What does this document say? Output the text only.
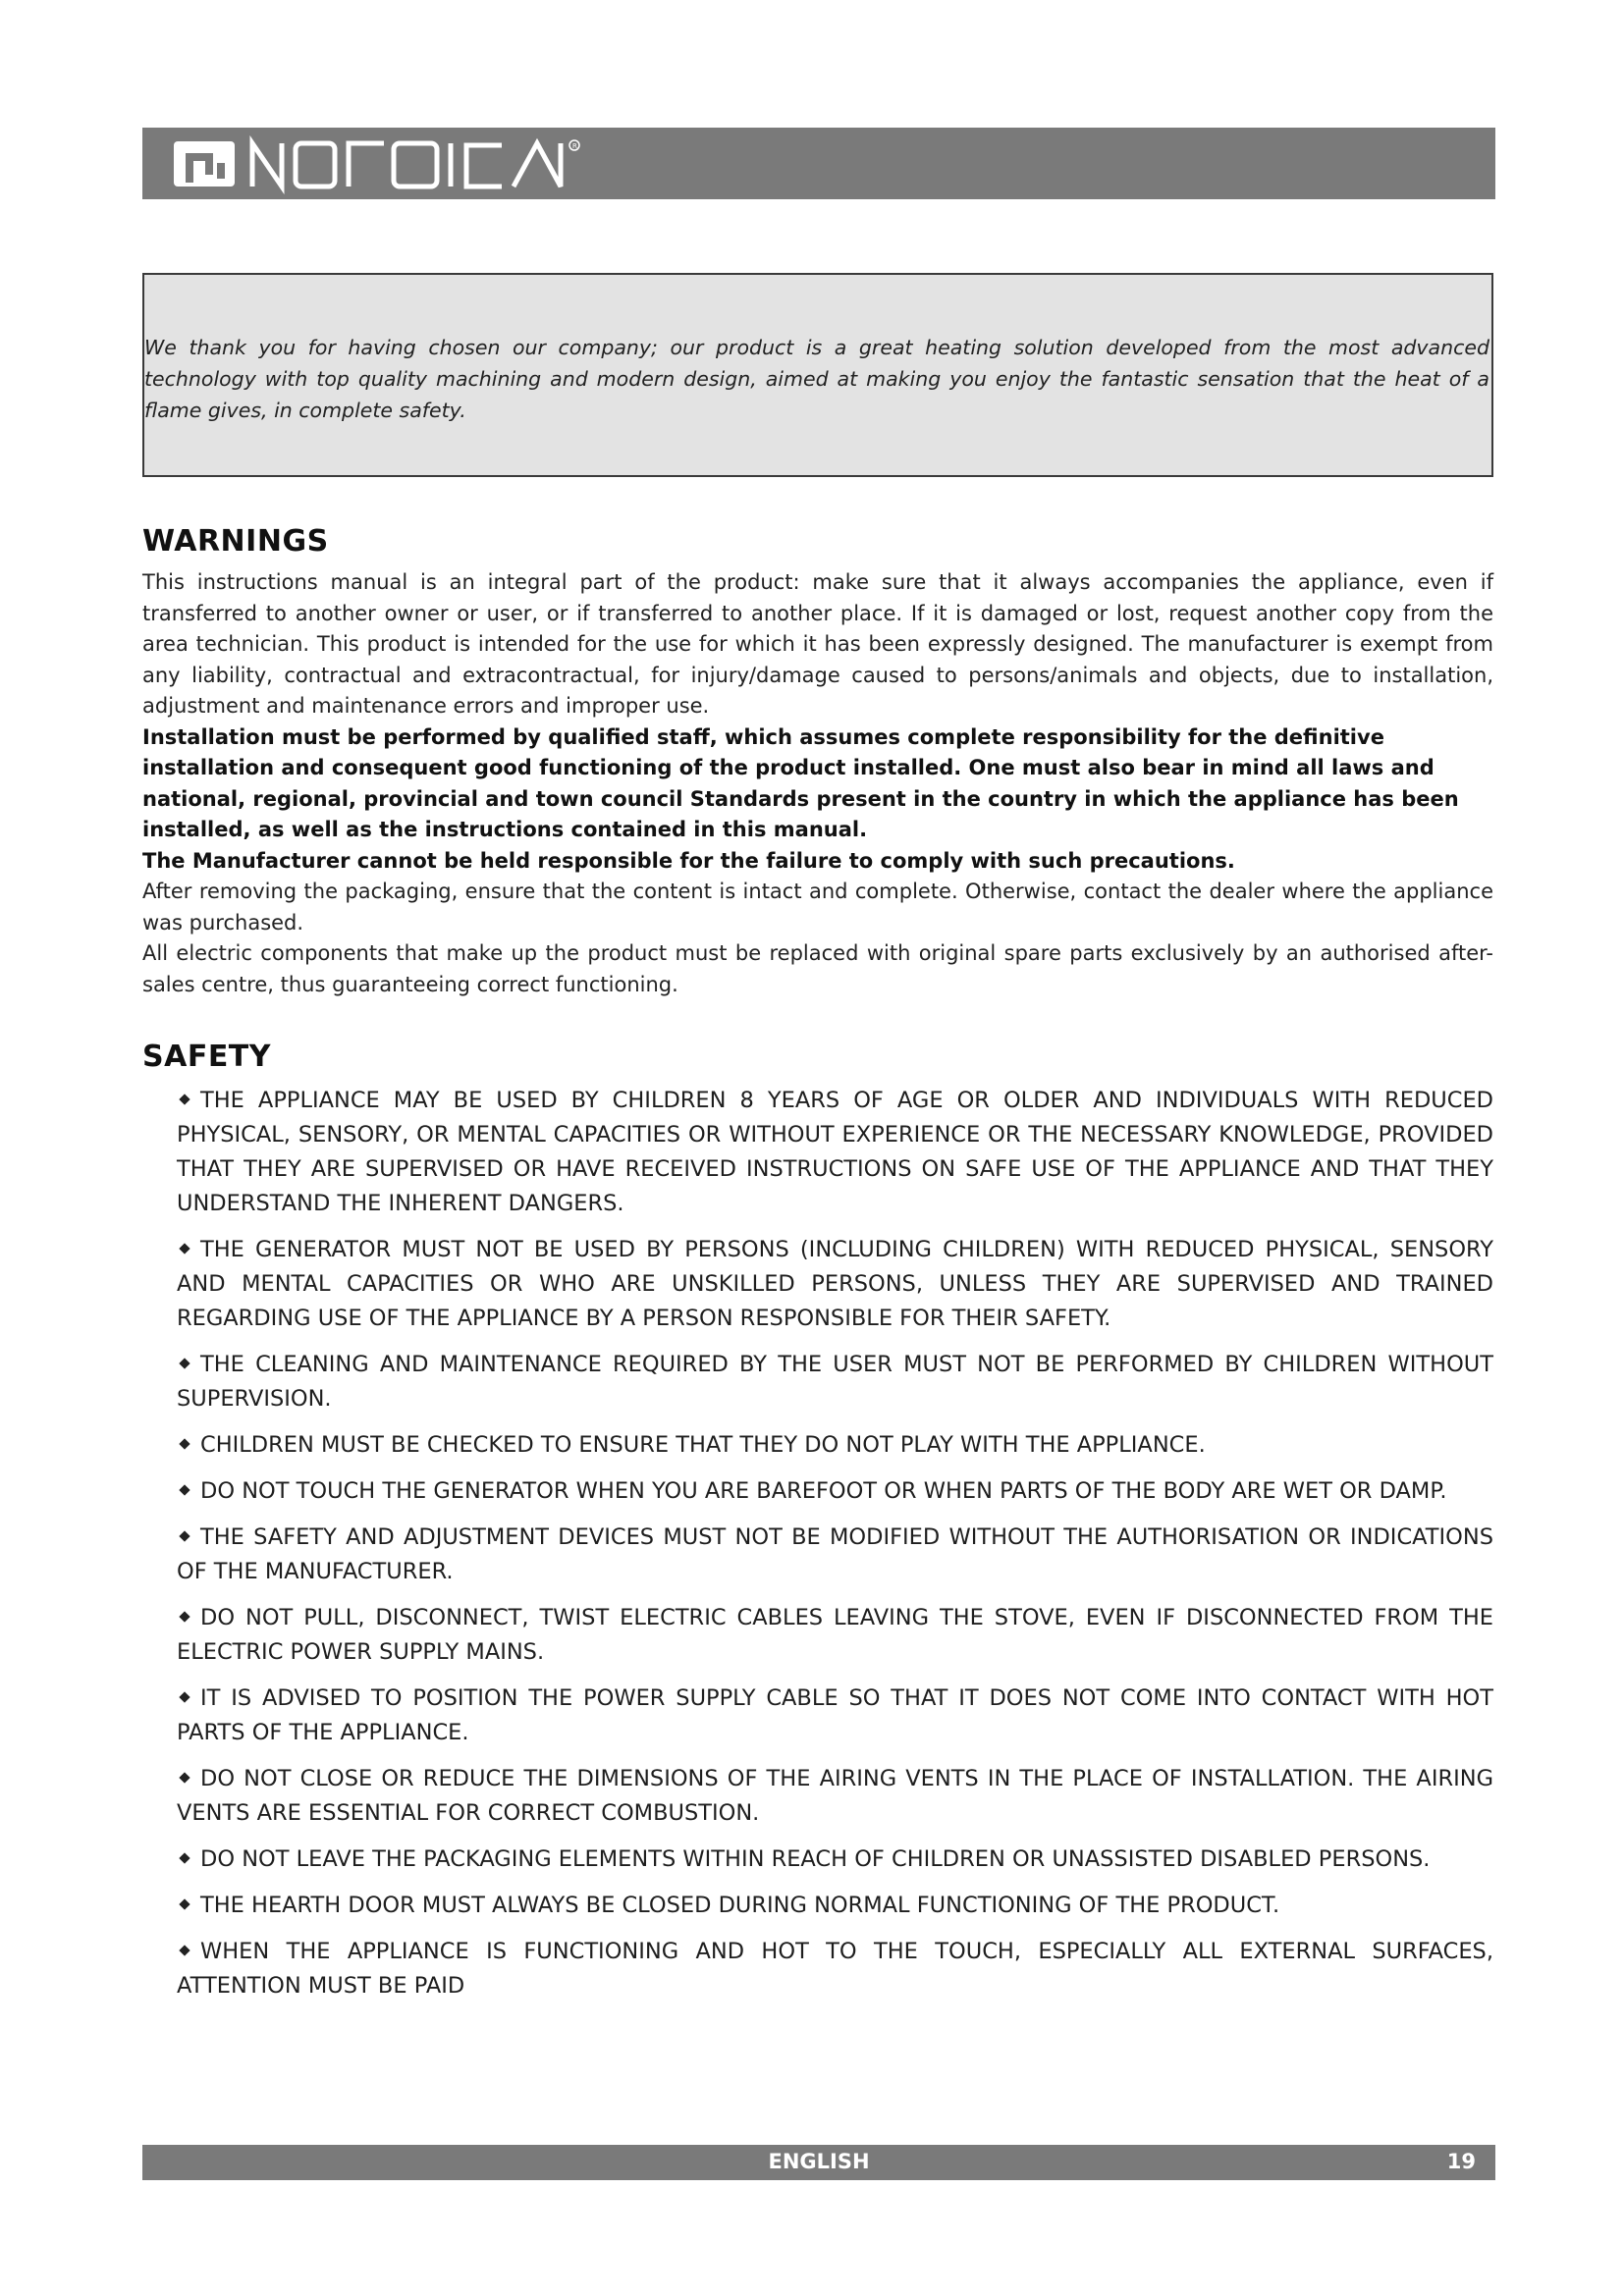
R

We thank you for having chosen our company; our product is a great heating solution developed from the most advanced technology with top quality machining and modern design, aimed at making you enjoy the fantastic sensation that the heat of a flame gives, in complete safety.

WARNINGS

This instructions manual is an integral part of the product: make sure that it always accompanies the appliance, even if transferred to another owner or user, or if transferred to another place. If it is damaged or lost, request another copy from the area technician. This product is intended for the use for which it has been expressly designed. The manufacturer is exempt from any liability, contractual and extracontractual, for injury/damage caused to persons/animals and objects, due to installation, adjustment and maintenance errors and improper use.

Installation must be performed by qualified staff, which assumes complete responsibility for the definitive installation and consequent good functioning of the product installed. One must also bear in mind all laws and national, regional, provincial and town council Standards present in the country in which the appliance has been installed, as well as the instructions contained in this manual.

The Manufacturer cannot be held responsible for the failure to comply with such precautions.

After removing the packaging, ensure that the content is intact and complete. Otherwise, contact the dealer where the appliance was purchased.

All electric components that make up the product must be replaced with original spare parts exclusively by an authorised after-sales centre, thus guaranteeing correct functioning.

SAFETY
THE APPLIANCE MAY BE USED BY CHILDREN 8 YEARS OF AGE OR OLDER AND INDIVIDUALS WITH REDUCED PHYSICAL, SENSORY, OR MENTAL CAPACITIES OR WITHOUT EXPERIENCE OR THE NECESSARY KNOWLEDGE, PROVIDED THAT THEY ARE SUPERVISED OR HAVE RECEIVED INSTRUCTIONS ON SAFE USE OF THE APPLIANCE AND THAT THEY UNDERSTAND THE INHERENT DANGERS.
THE GENERATOR MUST NOT BE USED BY PERSONS (INCLUDING CHILDREN) WITH REDUCED PHYSICAL, SENSORY AND MENTAL CAPACITIES OR WHO ARE UNSKILLED PERSONS, UNLESS THEY ARE SUPERVISED AND TRAINED REGARDING USE OF THE APPLIANCE BY A PERSON RESPONSIBLE FOR THEIR SAFETY.
THE CLEANING AND MAINTENANCE REQUIRED BY THE USER MUST NOT BE PERFORMED BY CHILDREN WITHOUT SUPERVISION.
CHILDREN MUST BE CHECKED TO ENSURE THAT THEY DO NOT PLAY WITH THE APPLIANCE.
DO NOT TOUCH THE GENERATOR WHEN YOU ARE BAREFOOT OR WHEN PARTS OF THE BODY ARE WET OR DAMP.
THE SAFETY AND ADJUSTMENT DEVICES MUST NOT BE MODIFIED WITHOUT THE AUTHORISATION OR INDICATIONS OF THE MANUFACTURER.
DO NOT PULL, DISCONNECT, TWIST ELECTRIC CABLES LEAVING THE STOVE, EVEN IF DISCONNECTED FROM THE ELECTRIC POWER SUPPLY MAINS.
IT IS ADVISED TO POSITION THE POWER SUPPLY CABLE SO THAT IT DOES NOT COME INTO CONTACT WITH HOT PARTS OF THE APPLIANCE.
DO NOT CLOSE OR REDUCE THE DIMENSIONS OF THE AIRING VENTS IN THE PLACE OF INSTALLATION. THE AIRING VENTS ARE ESSENTIAL FOR CORRECT COMBUSTION.
DO NOT LEAVE THE PACKAGING ELEMENTS WITHIN REACH OF CHILDREN OR UNASSISTED DISABLED PERSONS.
THE HEARTH DOOR MUST ALWAYS BE CLOSED DURING NORMAL FUNCTIONING OF THE PRODUCT.
WHEN THE APPLIANCE IS FUNCTIONING AND HOT TO THE TOUCH, ESPECIALLY ALL EXTERNAL SURFACES, ATTENTION MUST BE PAID
ENGLISH	19
